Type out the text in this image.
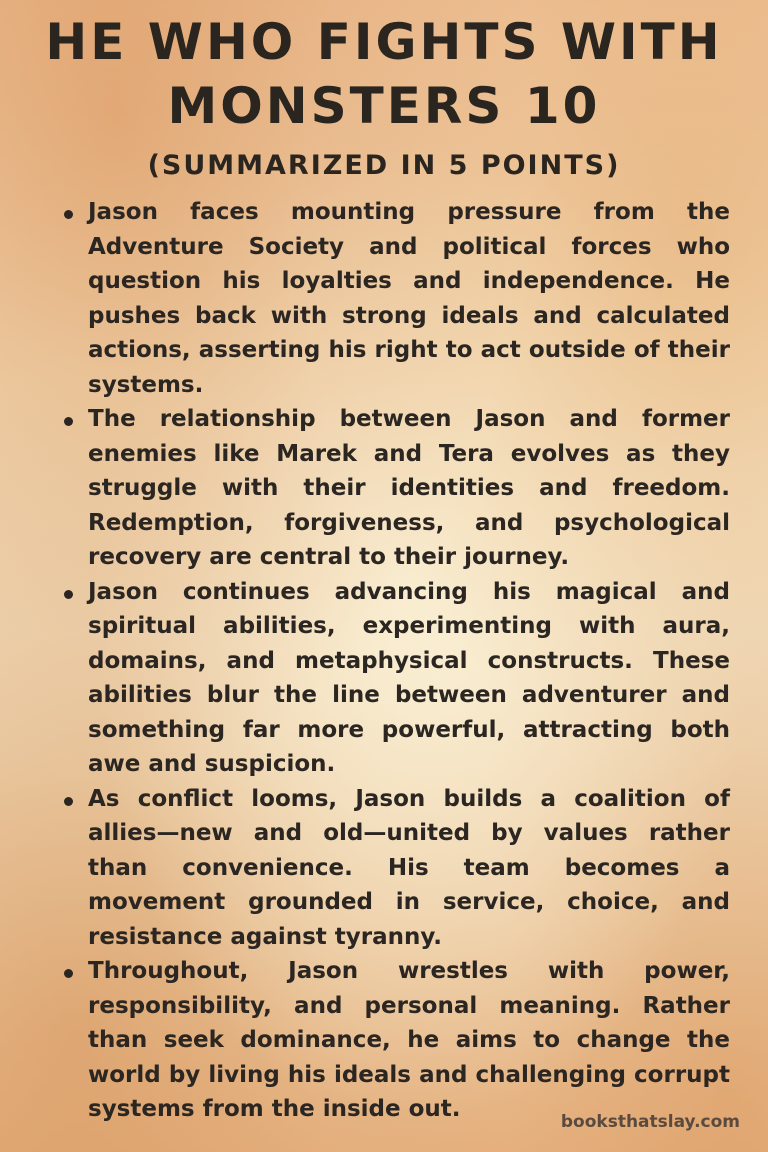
HE WHO FIGHTS WITH
MONSTERS 10
(SUMMARIZED IN 5 POINTS)
Jason faces mounting pressure from the Adventure Society and political forces who question his loyalties and independence. He pushes back with strong ideals and calculated actions, asserting his right to act outside of their systems.
The relationship between Jason and former enemies like Marek and Tera evolves as they struggle with their identities and freedom. Redemption, forgiveness, and psychological recovery are central to their journey.
Jason continues advancing his magical and spiritual abilities, experimenting with aura, domains, and metaphysical constructs. These abilities blur the line between adventurer and something far more powerful, attracting both awe and suspicion.
As conflict looms, Jason builds a coalition of allies—new and old—united by values rather than convenience. His team becomes a movement grounded in service, choice, and resistance against tyranny.
Throughout, Jason wrestles with power, responsibility, and personal meaning. Rather than seek dominance, he aims to change the world by living his ideals and challenging corrupt systems from the inside out.	booksthatslay.com
